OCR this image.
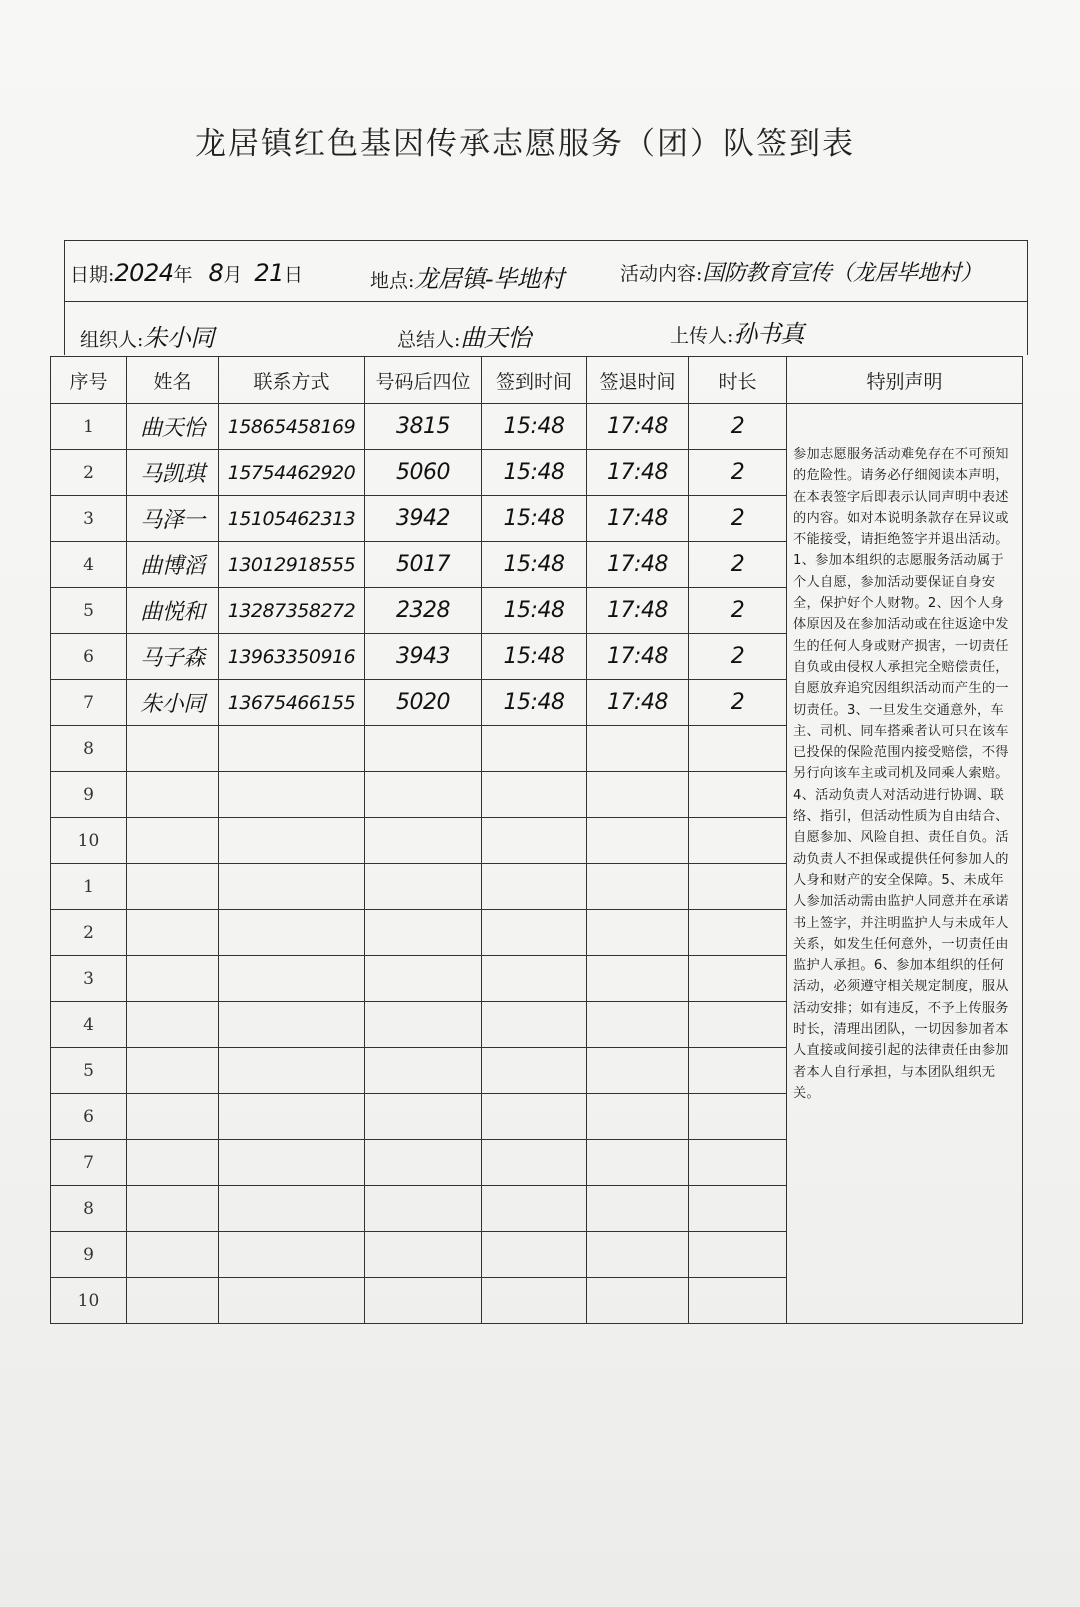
龙居镇红色基因传承志愿服务（团）队签到表
日期:2024年 8月 21日	地点:龙居镇-毕地村	活动内容:国防教育宣传（龙居毕地村）
组织人:朱小同	总结人:曲天怡	上传人:孙书真
序号	姓名	联系方式	号码后四位	签到时间	签退时间	时长	特别声明
1	曲天怡	15865458169	3815	15:48	17:48	2	参加志愿服务活动难免存在不可预知的危险性。请务必仔细阅读本声明，在本表签字后即表示认同声明中表述的内容。如对本说明条款存在异议或不能接受，请拒绝签字并退出活动。 1、参加本组织的志愿服务活动属于个人自愿，参加活动要保证自身安全，保护好个人财物。2、因个人身体原因及在参加活动或在往返途中发生的任何人身或财产损害，一切责任自负或由侵权人承担完全赔偿责任，自愿放弃追究因组织活动而产生的一切责任。3、一旦发生交通意外，车主、司机、同车搭乘者认可只在该车已投保的保险范围内接受赔偿，不得另行向该车主或司机及同乘人索赔。4、活动负责人对活动进行协调、联络、指引，但活动性质为自由结合、自愿参加、风险自担、责任自负。活动负责人不担保或提供任何参加人的人身和财产的安全保障。5、未成年人参加活动需由监护人同意并在承诺书上签字，并注明监护人与未成年人关系，如发生任何意外，一切责任由监护人承担。6、参加本组织的任何活动，必须遵守相关规定制度，服从活动安排；如有违反，不予上传服务时长，清理出团队，一切因参加者本人直接或间接引起的法律责任由参加者本人自行承担，与本团队组织无关。
2	马凯琪	15754462920	5060	15:48	17:48	2	
3	马泽一	15105462313	3942	15:48	17:48	2	
4	曲博滔	13012918555	5017	15:48	17:48	2	
5	曲悦和	13287358272	2328	15:48	17:48	2	
6	马子森	13963350916	3943	15:48	17:48	2	
7	朱小同	13675466155	5020	15:48	17:48	2	
8							
9							
10							
1							
2							
3							
4							
5							
6							
7							
8							
9							
10							
